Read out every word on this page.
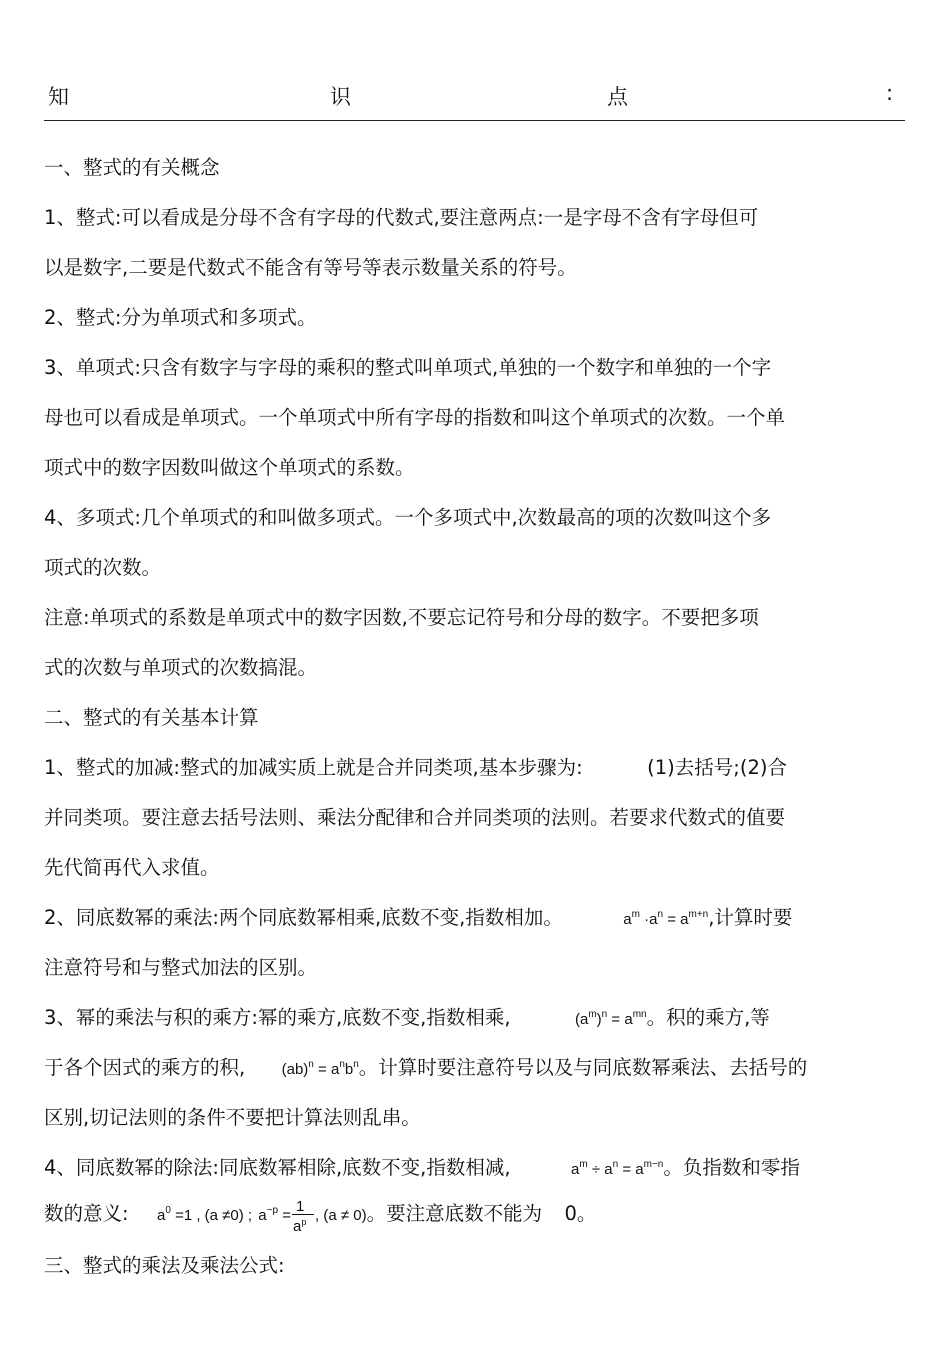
知	识	点	:
一、整式的有关概念
1、整式:可以看成是分母不含有字母的代数式,要注意两点:一是字母不含有字母但可
以是数字,二要是代数式不能含有等号等表示数量关系的符号。
2、整式:分为单项式和多项式。
3、单项式:只含有数字与字母的乘积的整式叫单项式,单独的一个数字和单独的一个字
母也可以看成是单项式。一个单项式中所有字母的指数和叫这个单项式的次数。一个单
项式中的数字因数叫做这个单项式的系数。
4、多项式:几个单项式的和叫做多项式。一个多项式中,次数最高的项的次数叫这个多
项式的次数。
注意:单项式的系数是单项式中的数字因数,不要忘记符号和分母的数字。不要把多项
式的次数与单项式的次数搞混。
二、整式的有关基本计算
1、整式的加减:整式的加减实质上就是合并同类项,基本步骤为:	(1)去括号;(2)合
并同类项。要注意去括号法则、乘法分配律和合并同类项的法则。若要求代数式的值要
先代简再代入求值。
2、同底数幂的乘法:两个同底数幂相乘,底数不变,指数相加。	$a^m \cdot a^n = a^{m+n}$,计算时要
注意符号和与整式加法的区别。
3、幂的乘法与积的乘方:幂的乘方,底数不变,指数相乘,	$(a^m)^n = a^{mn}$。积的乘方,等
于各个因式的乘方的积, $(ab)^n = a^nb^n$。计算时要注意符号以及与同底数幂乘法、去括号的
区别,切记法则的条件不要把计算法则乱串。
4、同底数幂的除法:同底数幂相除,底数不变,指数相减,	$a^m \div a^n = a^{m-n}$。负指数和零指
数的意义: $a^0 =1$ , (a ≠0) ; $a^{-p} = \frac{1}{a^p}$ , (a ≠ 0)。要注意底数不能为 0。
三、整式的乘法及乘法公式:
